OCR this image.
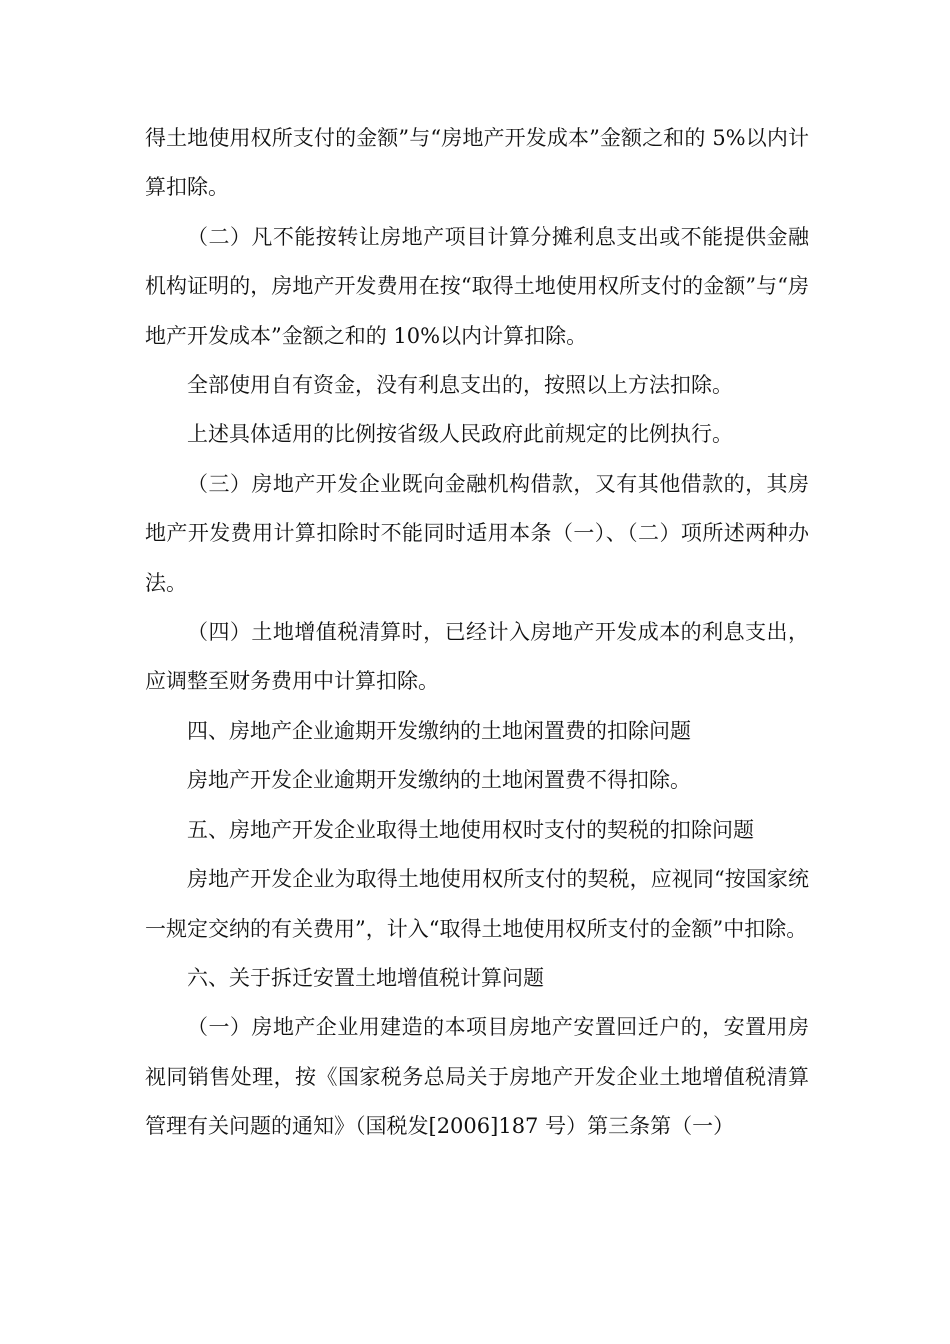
得土地使用权所支付的金额”与“房地产开发成本”金额之和的 5%以内计算扣除。

（二）凡不能按转让房地产项目计算分摊利息支出或不能提供金融机构证明的，房地产开发费用在按“取得土地使用权所支付的金额”与“房地产开发成本”金额之和的 10%以内计算扣除。

全部使用自有资金，没有利息支出的，按照以上方法扣除。

上述具体适用的比例按省级人民政府此前规定的比例执行。

（三）房地产开发企业既向金融机构借款，又有其他借款的，其房地产开发费用计算扣除时不能同时适用本条（一）、（二）项所述两种办法。

（四）土地增值税清算时，已经计入房地产开发成本的利息支出，应调整至财务费用中计算扣除。

四、房地产企业逾期开发缴纳的土地闲置费的扣除问题

房地产开发企业逾期开发缴纳的土地闲置费不得扣除。

五、房地产开发企业取得土地使用权时支付的契税的扣除问题

房地产开发企业为取得土地使用权所支付的契税，应视同“按国家统一规定交纳的有关费用”，计入“取得土地使用权所支付的金额”中扣除。

六、关于拆迁安置土地增值税计算问题

（一）房地产企业用建造的本项目房地产安置回迁户的，安置用房视同销售处理，按《国家税务总局关于房地产开发企业土地增值税清算管理有关问题的通知》（国税发[2006]187 号）第三条第（一）
